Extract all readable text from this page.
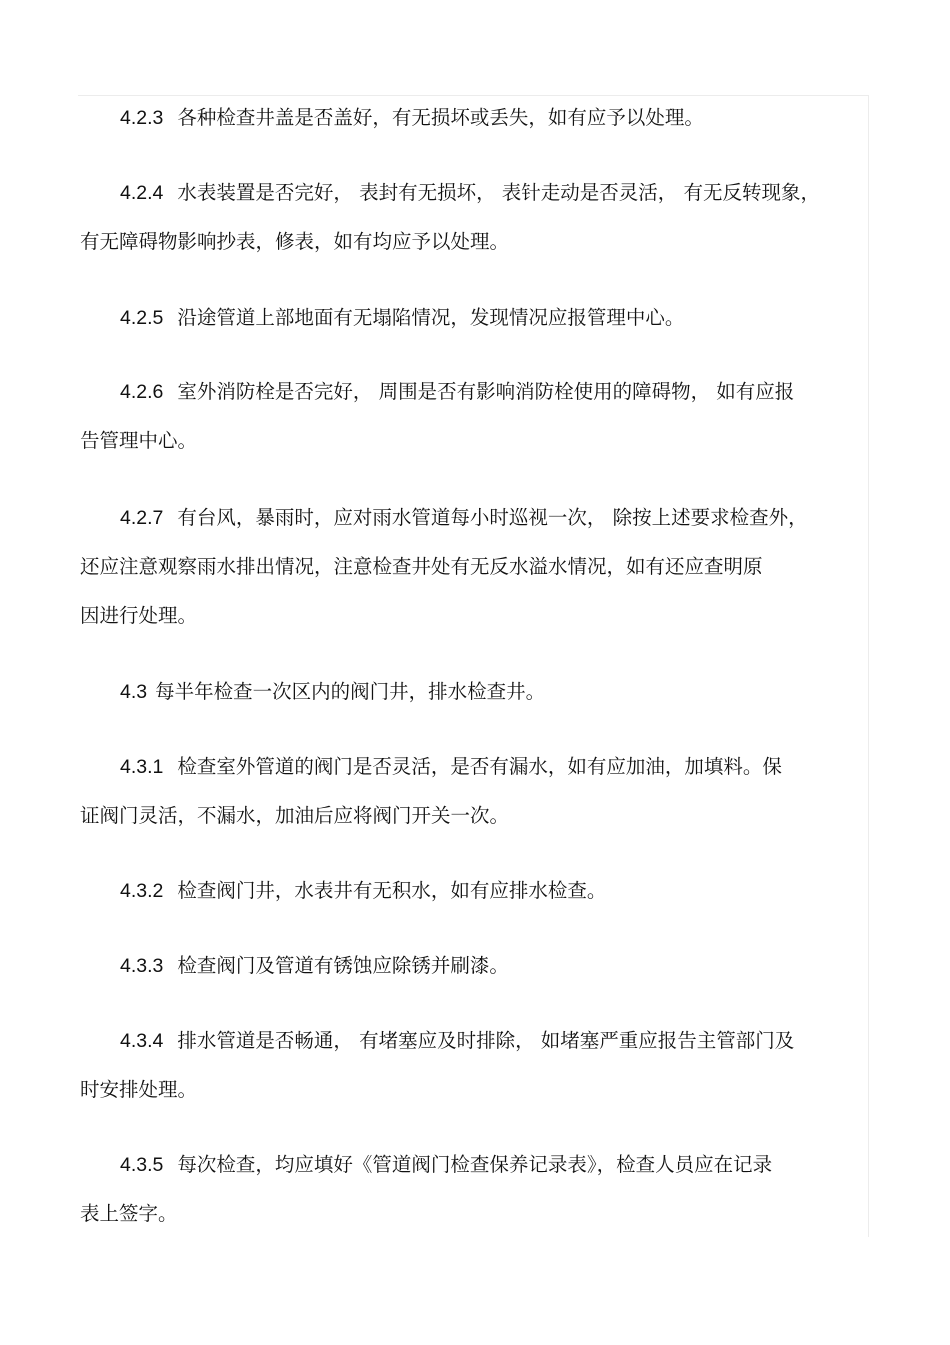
4.2.3 各种检查井盖是否盖好，有无损坏或丢失，如有应予以处理。

4.2.4 水表装置是否完好， 表封有无损坏， 表针走动是否灵活， 有无反转现象，
有无障碍物影响抄表，修表，如有均应予以处理。

4.2.5 沿途管道上部地面有无塌陷情况，发现情况应报管理中心。

4.2.6 室外消防栓是否完好， 周围是否有影响消防栓使用的障碍物， 如有应报
告管理中心。

4.2.7 有台风，暴雨时，应对雨水管道每小时巡视一次， 除按上述要求检查外，
还应注意观察雨水排出情况，注意检查井处有无反水溢水情况，如有还应查明原
因进行处理。

4.3 每半年检查一次区内的阀门井，排水检查井。

4.3.1 检查室外管道的阀门是否灵活，是否有漏水，如有应加油，加填料。保
证阀门灵活，不漏水，加油后应将阀门开关一次。

4.3.2 检查阀门井，水表井有无积水，如有应排水检查。

4.3.3 检查阀门及管道有锈蚀应除锈并刷漆。

4.3.4 排水管道是否畅通， 有堵塞应及时排除， 如堵塞严重应报告主管部门及
时安排处理。

4.3.5 每次检查，均应填好《管道阀门检查保养记录表》，检查人员应在记录
表上签字。
